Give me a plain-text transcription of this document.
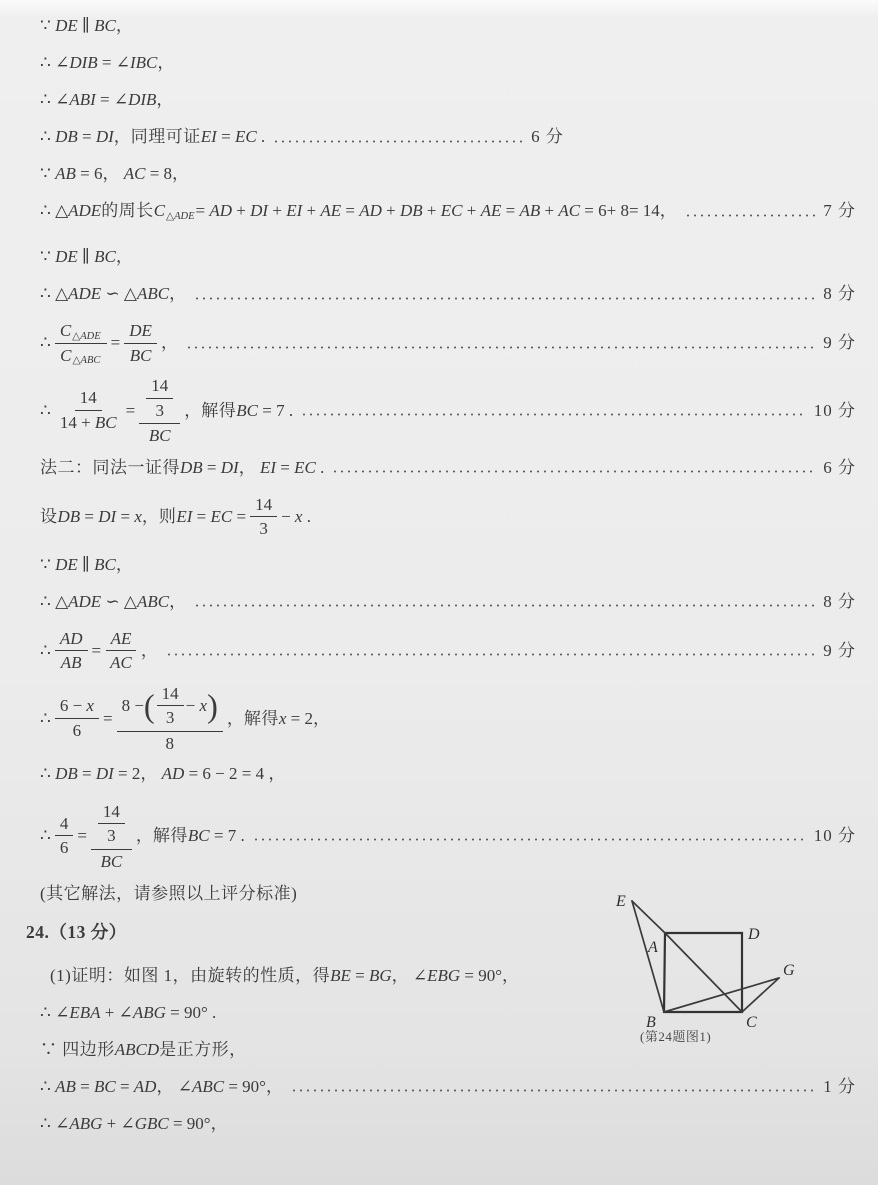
∵ DE ∥ BC，
∴ ∠DIB = ∠IBC，
∴ ∠ABI = ∠DIB，
∴ DB = DI， 同理可证 EI = EC .	6 分
∵ AB = 6， AC = 8，
∴ △ADE 的周长 C △ADE = AD + DI + EI + AE = AD + DB + EC + AE = AB + AC = 6+ 8= 14，	7 分
∵ DE ∥ BC，
∴ △ADE ∽ △ABC，	8 分
∴ $\frac{\text{C △ADE}}{\text{C △ABC}} = \frac{DE}{BC}$ ，	9 分
∴ $\frac{14}{14 + BC} = \frac{\frac{14}{3}}{BC}$ ， 解得 BC = 7 .	10 分
法二：同法一证得 DB = DI， EI = EC .	6 分
设 DB = DI = x， 则 EI = EC = $\frac{14}{3} - x$ .
∵ DE ∥ BC，
∴ △ADE ∽ △ABC，	8 分
∴ $\frac{AD}{AB} = \frac{AE}{AC}$ ，	9 分
∴ $\frac{6 - x}{6} = \frac{8 - ( \frac{14}{3} - x )}{8}$ ， 解得 x = 2，
∴ DB = DI = 2， AD = 6 − 2 = 4 ，
∴ $\frac{4}{6} = \frac{\frac{14}{3}}{BC}$ ， 解得 BC = 7 .	10 分
(其它解法，请参照以上评分标准)
24.（13 分）
(1)证明：如图 1，由旋转的性质，得 BE = BG， ∠EBG = 90°，
∴ ∠EBA + ∠ABG = 90° .
∵ 四边形 ABCD 是正方形，
∴ AB = BC = AD， ∠ABC = 90°，	1 分
∴ ∠ABG + ∠GBC = 90°，
E
A
D
B	C
G
(第24题图1)
